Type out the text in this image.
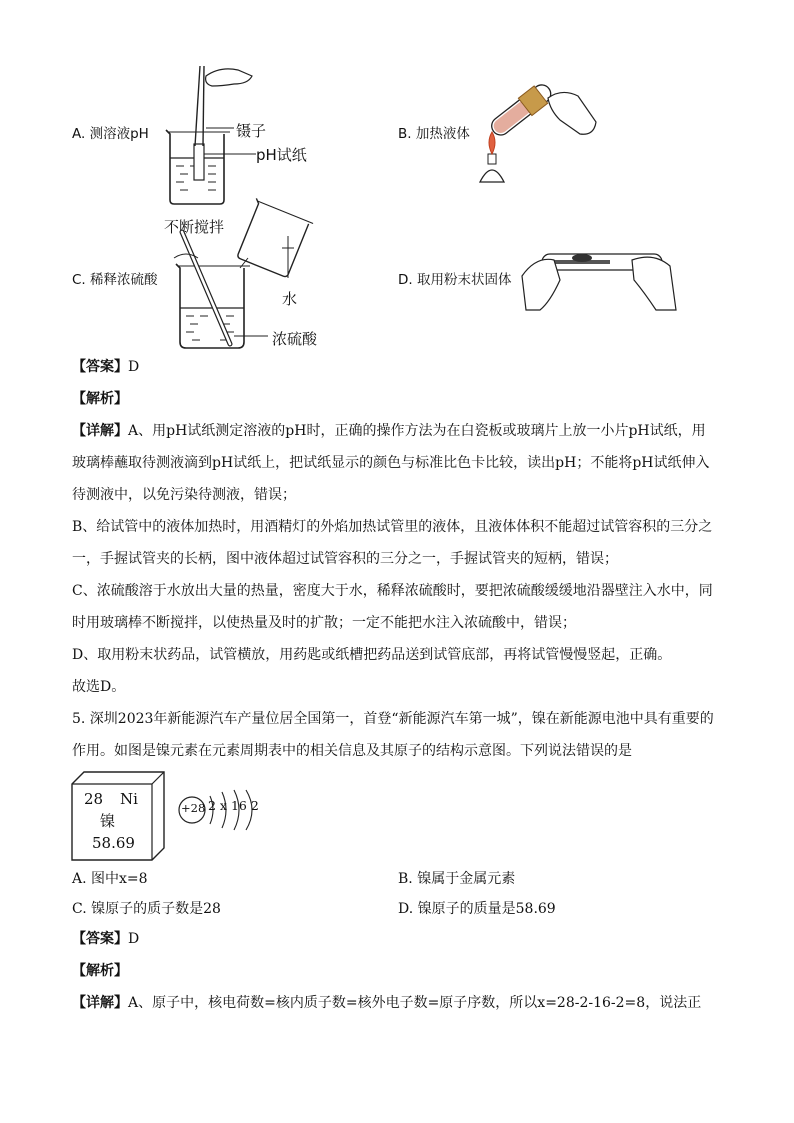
A. 测溶液pH	镊子
pH试纸
B. 加热液体
不断搅拌
C. 稀释浓硫酸
水
浓硫酸
D. 取用粉末状固体
【答案】D
【解析】
【详解】A、用pH试纸测定溶液的pH时，正确的操作方法为在白瓷板或玻璃片上放一小片pH试纸，用
玻璃棒蘸取待测液滴到pH试纸上，把试纸显示的颜色与标准比色卡比较，读出pH；不能将pH试纸伸入
待测液中，以免污染待测液，错误；
B、给试管中的液体加热时，用酒精灯的外焰加热试管里的液体，且液体体积不能超过试管容积的三分之
一，手握试管夹的长柄，图中液体超过试管容积的三分之一，手握试管夹的短柄，错误；
C、浓硫酸溶于水放出大量的热量，密度大于水，稀释浓硫酸时，要把浓硫酸缓缓地沿器壁注入水中，同
时用玻璃棒不断搅拌，以使热量及时的扩散；一定不能把水注入浓硫酸中，错误；
D、取用粉末状药品，试管横放，用药匙或纸槽把药品送到试管底部，再将试管慢慢竖起，正确。
故选D。
5. 深圳2023年新能源汽车产量位居全国第一，首登“新能源汽车第一城”，镍在新能源电池中具有重要的
作用。如图是镍元素在元素周期表中的相关信息及其原子的结构示意图。下列说法错误的是
28 Ni
镍
58.69
+28 2 x 16 2
A. 图中x=8	B. 镍属于金属元素
C. 镍原子的质子数是28	D. 镍原子的质量是58.69
【答案】D
【解析】
【详解】A、原子中，核电荷数=核内质子数=核外电子数=原子序数，所以x=28-2-16-2=8，说法正
